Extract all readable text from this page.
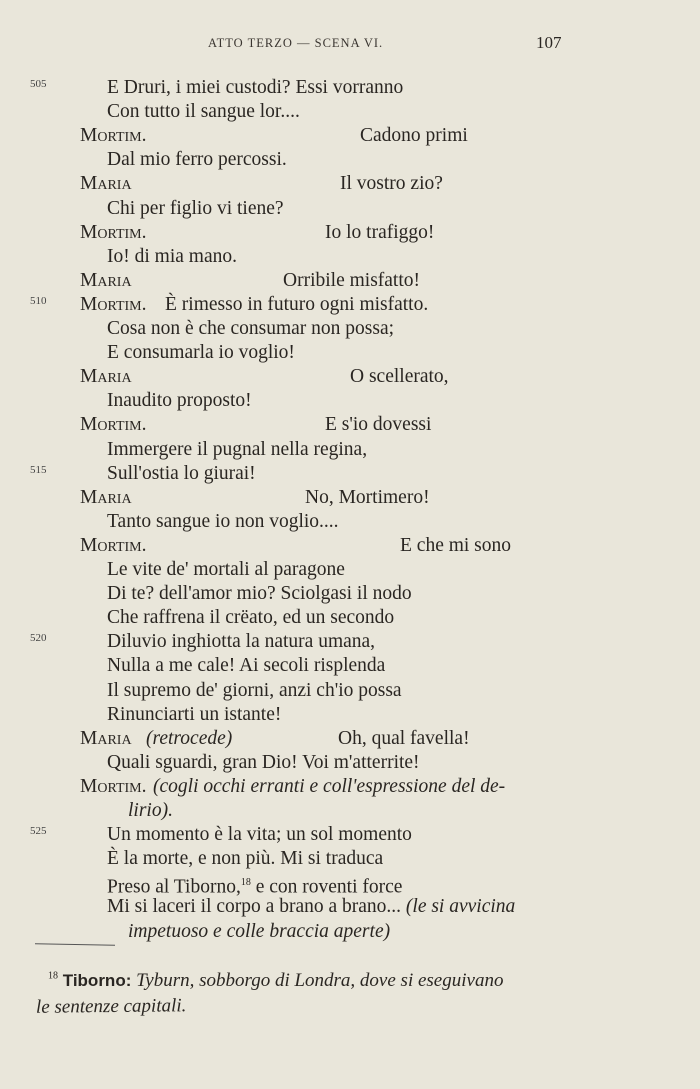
ATTO TERZO — SCENA VI.	107
505	E Druri, i miei custodi? Essi vorranno
Con tutto il sangue lor....
Mortim.	Cadono primi
Dal mio ferro percossi.
Maria	Il vostro zio?
Chi per figlio vi tiene?
Mortim.	Io lo trafiggo!
Io! di mia mano.
Maria	Orribile misfatto!
510 Mortim. È rimesso in futuro ogni misfatto.
Cosa non è che consumar non possa;
E consumarla io voglio!
Maria	O scellerato,
Inaudito proposto!
Mortim.	E s'io dovessi
Immergere il pugnal nella regina,
515	Sull'ostia lo giurai!
Maria	No, Mortimero!
Tanto sangue io non voglio....
Mortim.	E che mi sono
Le vite de' mortali al paragone
Di te? dell'amor mio? Sciolgasi il nodo
Che raffrena il crëato, ed un secondo
520	Diluvio inghiotta la natura umana,
Nulla a me cale! Ai secoli risplenda
Il supremo de' giorni, anzi ch'io possa
Rinunciarti un istante!
Maria (retrocede)	Oh, qual favella!
Quali sguardi, gran Dio! Voi m'atterrite!
Mortim. (cogli occhi erranti e coll'espressione del de-
lirio).
525	Un momento è la vita; un sol momento
È la morte, e non più. Mi si traduca
Preso al Tiborno,$^{18}$ e con roventi force
Mi si laceri il corpo a brano a brano... (le si avvicina
impetuoso e colle braccia aperte)
$^{18}$ Tiborno: Tyburn, sobborgo di Londra, dove si eseguivano
le sentenze capitali.
